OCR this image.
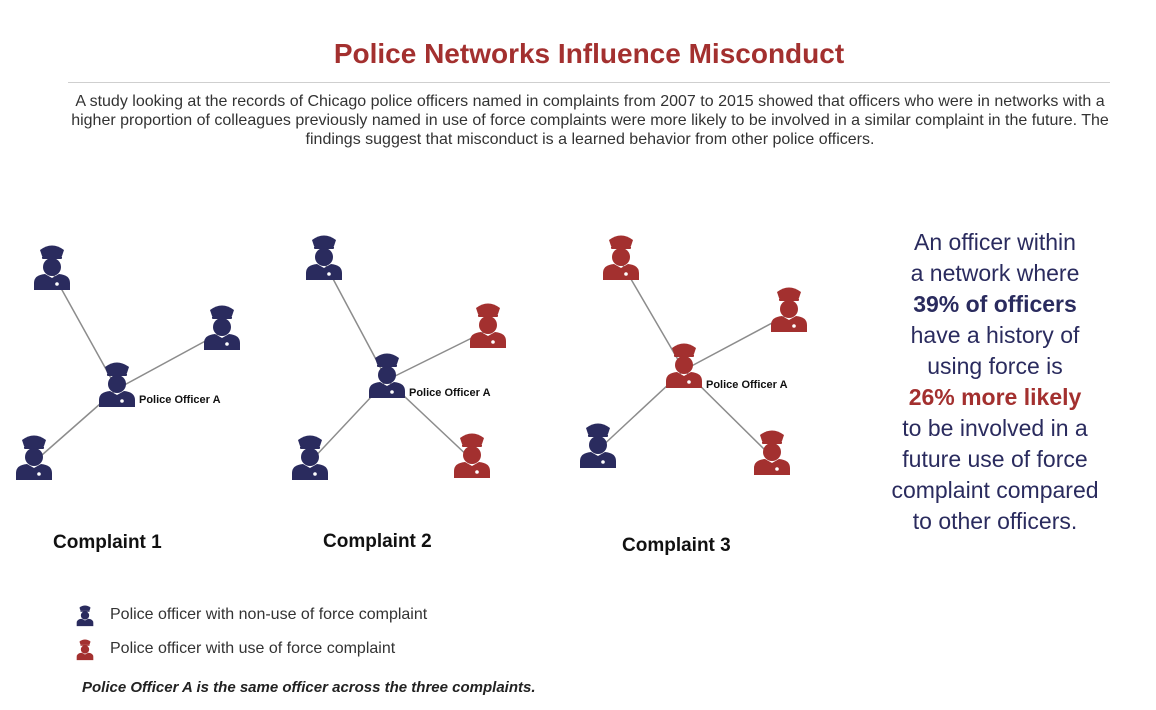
Police Networks Influence Misconduct
A study looking at the records of Chicago police officers named in complaints from 2007 to 2015 showed that officers who were in networks with a higher proportion of colleagues previously named in use of force complaints were more likely to be involved in a similar complaint in the future. The findings suggest that misconduct is a learned behavior from other police officers.
Police Officer A
Police Officer A
Police Officer A
Complaint 1	Complaint 2	Complaint 3
An officer within
a network where
39% of officers
have a history of
using force is
26% more likely
to be involved in a
future use of force
complaint compared
to other officers.
Police officer with non-use of force complaint
Police officer with use of force complaint
Police Officer A is the same officer across the three complaints.
